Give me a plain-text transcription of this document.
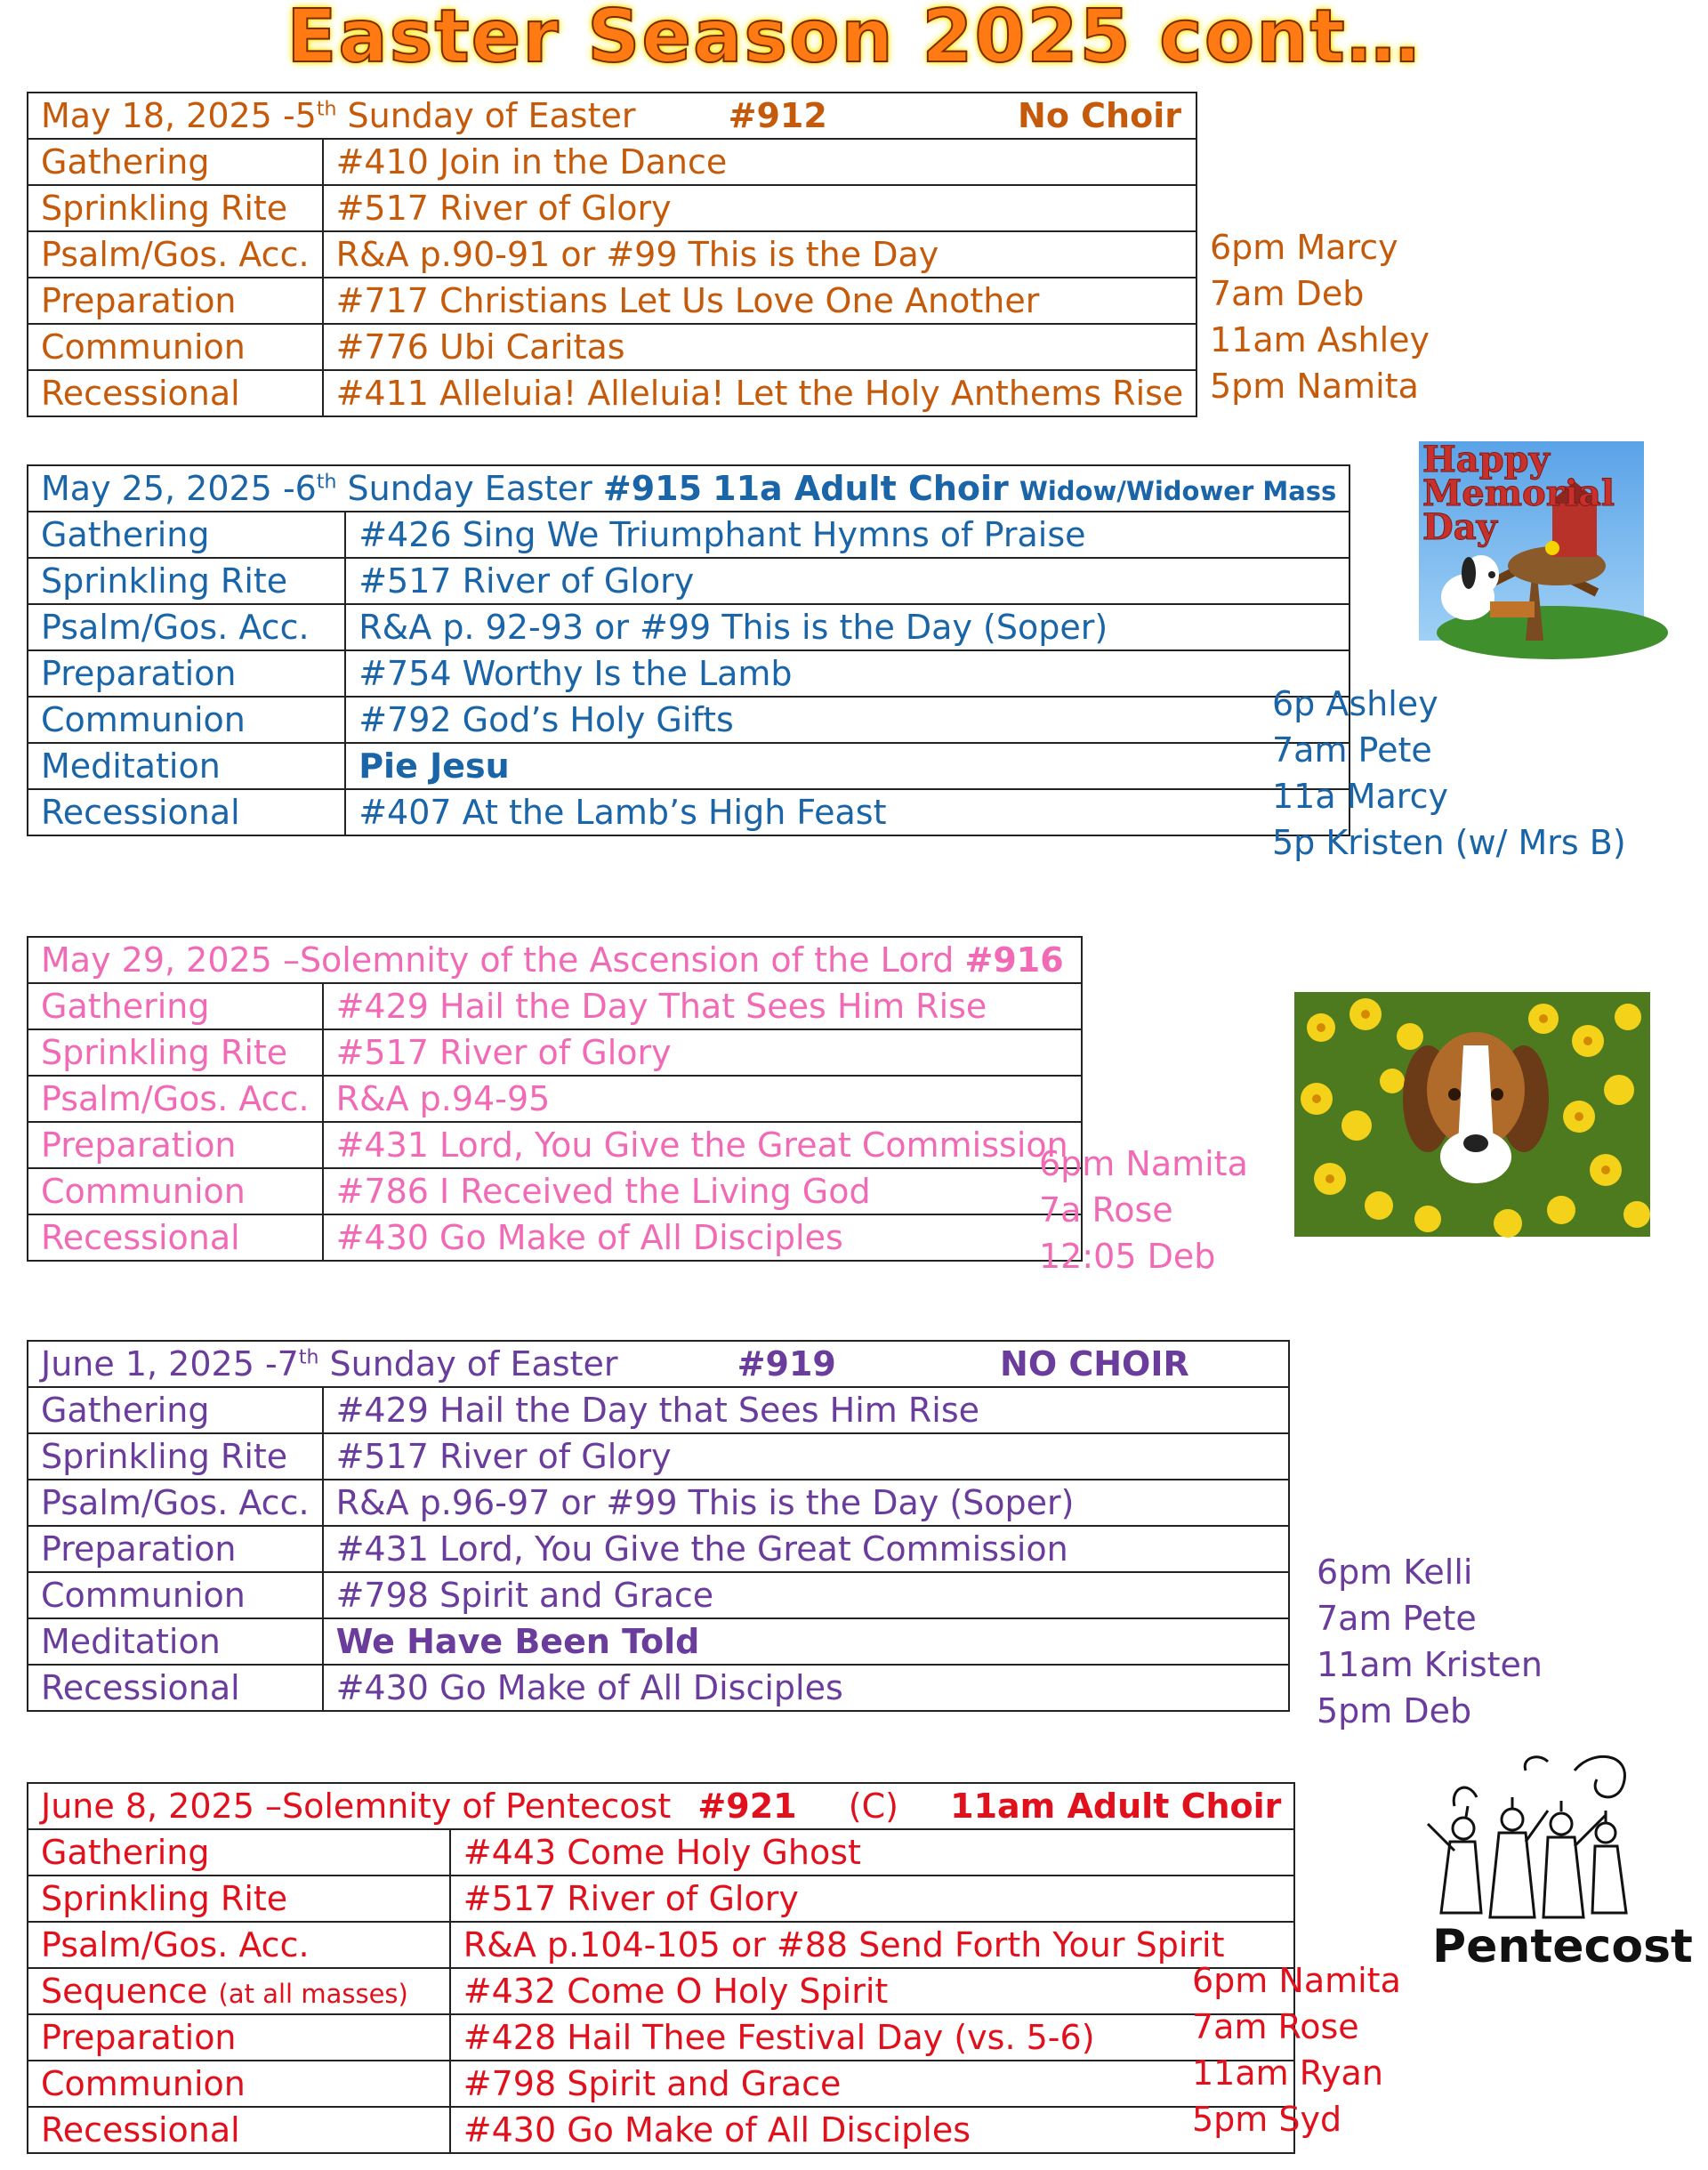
Easter Season 2025 cont…
May 18, 2025 -5th Sunday of Easter #912 No Choir	
Gathering	#410 Join in the Dance
Sprinkling Rite	#517 River of Glory
Psalm/Gos. Acc.	R&A p.90-91 or #99 This is the Day
Preparation	#717 Christians Let Us Love One Another
Communion	#776 Ubi Caritas
Recessional	#411 Alleluia! Alleluia! Let the Holy Anthems Rise
6pm Marcy
7am Deb
11am Ashley
5pm Namita
Happy
Memorial
Day
May 25, 2025 -6th Sunday Easter #915 11a Adult Choir Widow/Widower Mass	
Gathering	#426 Sing We Triumphant Hymns of Praise
Sprinkling Rite	#517 River of Glory
Psalm/Gos. Acc.	R&A p. 92-93 or #99 This is the Day (Soper)
Preparation	#754 Worthy Is the Lamb
Communion	#792 God’s Holy Gifts
Meditation	Pie Jesu
Recessional	#407 At the Lamb’s High Feast
6p Ashley
7am Pete
11a Marcy
5p Kristen (w/ Mrs B)
May 29, 2025 –Solemnity of the Ascension of the Lord #916	
Gathering	#429 Hail the Day That Sees Him Rise
Sprinkling Rite	#517 River of Glory
Psalm/Gos. Acc.	R&A p.94-95
Preparation	#431 Lord, You Give the Great Commission
Communion	#786 I Received the Living God
Recessional	#430 Go Make of All Disciples
6pm Namita
7a Rose
12:05 Deb
June 1, 2025 -7th Sunday of Easter #919 NO CHOIR	
Gathering	#429 Hail the Day that Sees Him Rise
Sprinkling Rite	#517 River of Glory
Psalm/Gos. Acc.	R&A p.96-97 or #99 This is the Day (Soper)
Preparation	#431 Lord, You Give the Great Commission
Communion	#798 Spirit and Grace
Meditation	We Have Been Told
Recessional	#430 Go Make of All Disciples
6pm Kelli
7am Pete
11am Kristen
5pm Deb
June 8, 2025 –Solemnity of Pentecost #921 (C) 11am Adult Choir	
Gathering	#443 Come Holy Ghost
Sprinkling Rite	#517 River of Glory
Psalm/Gos. Acc.	R&A p.104-105 or #88 Send Forth Your Spirit
Sequence (at all masses)	#432 Come O Holy Spirit
Preparation	#428 Hail Thee Festival Day (vs. 5-6)
Communion	#798 Spirit and Grace
Recessional	#430 Go Make of All Disciples
6pm Namita
7am Rose
11am Ryan
5pm Syd
Pentecost
